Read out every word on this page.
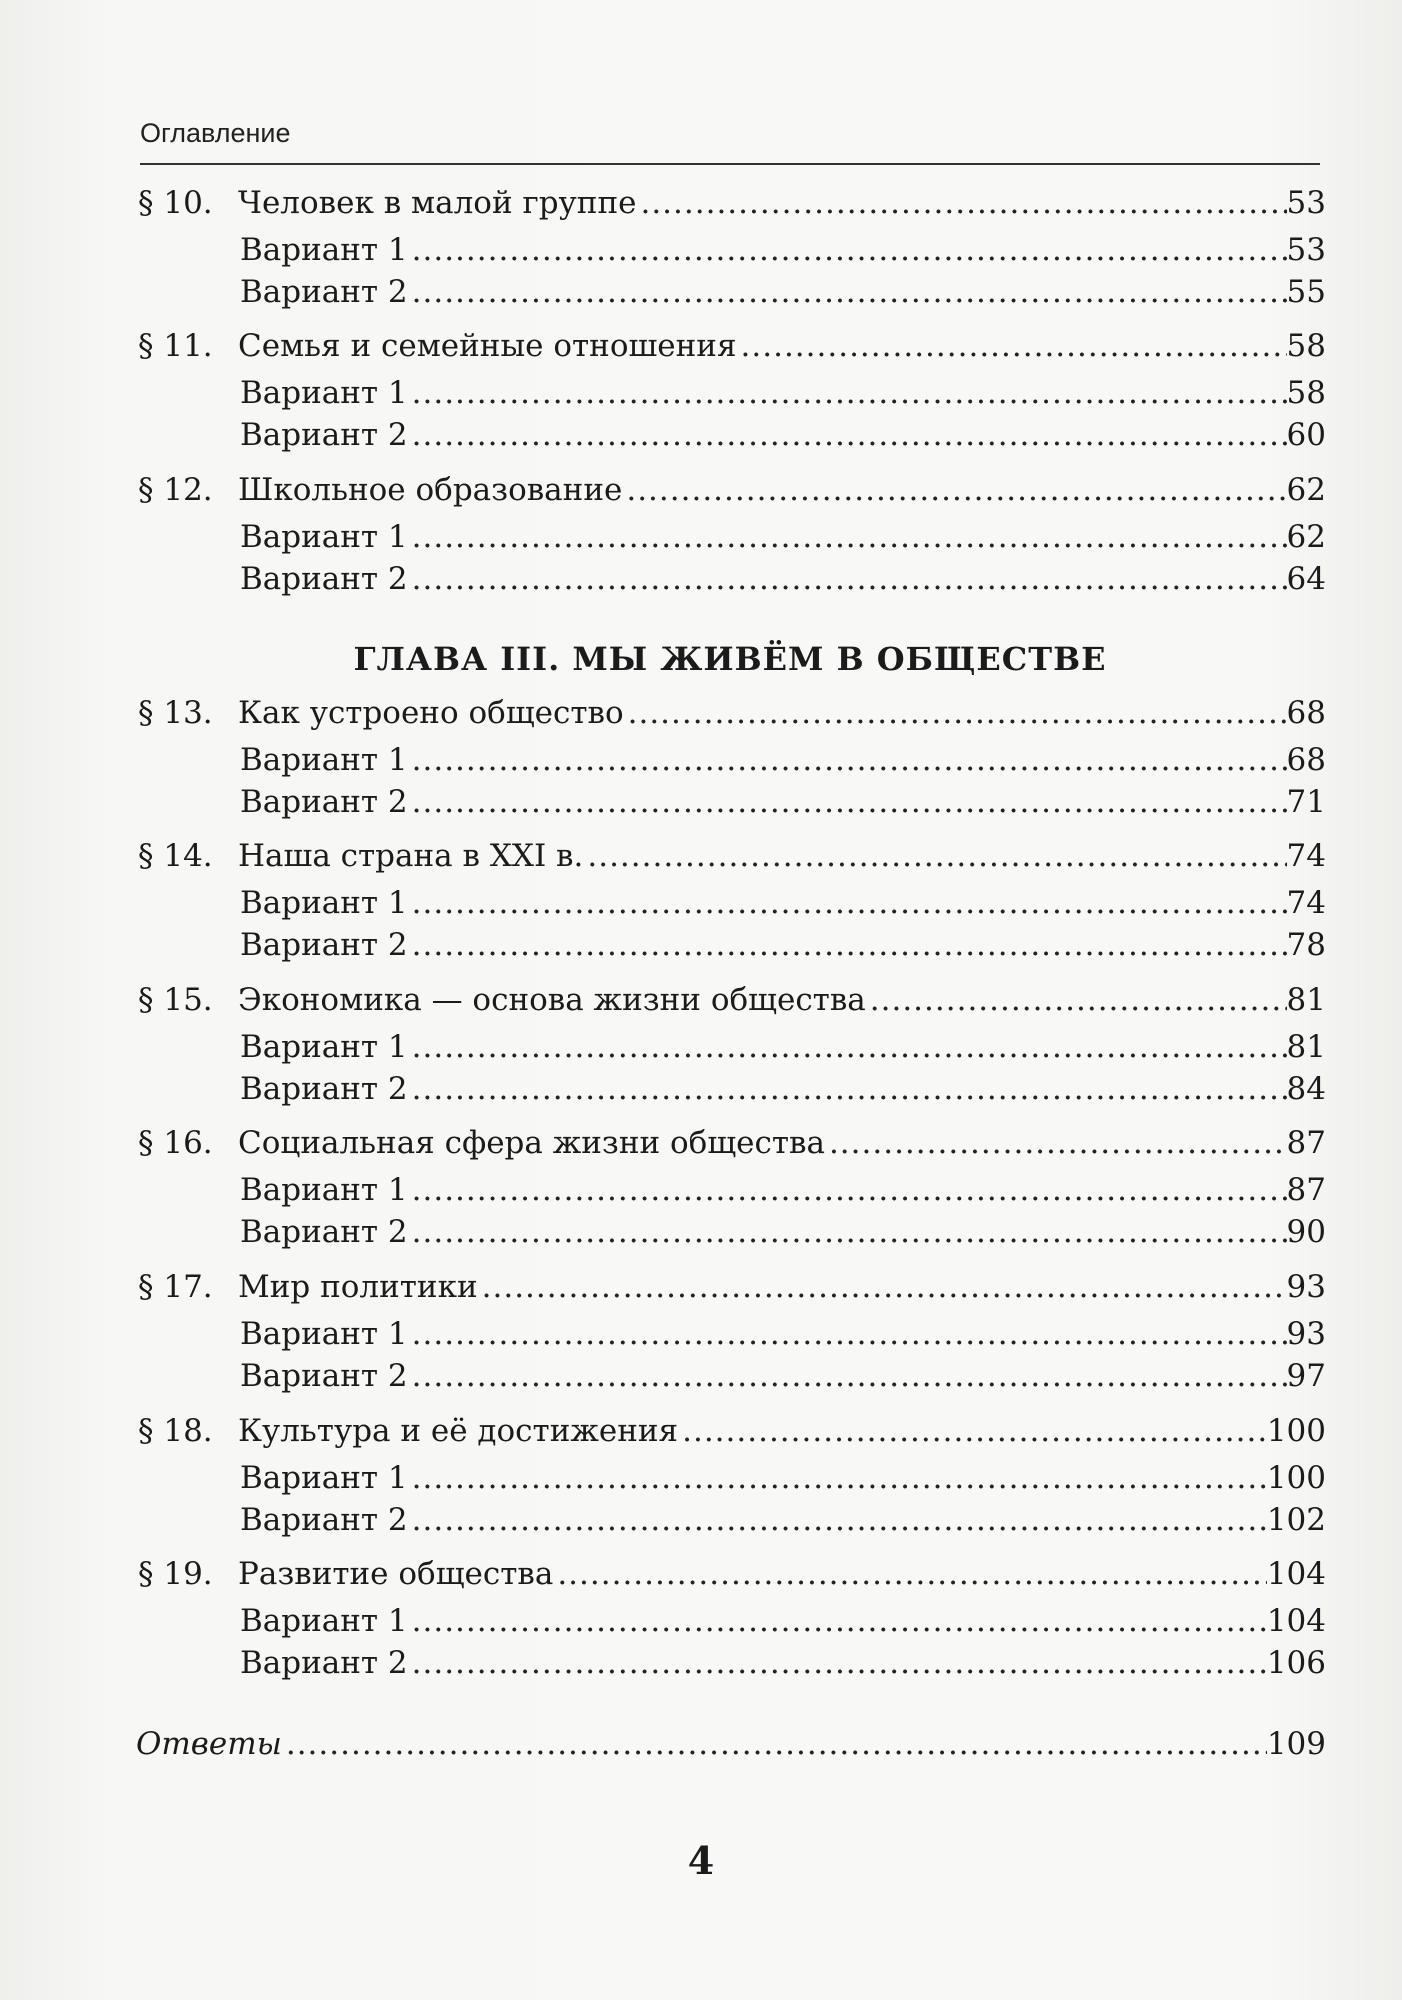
Оглавление
§ 10. Человек в малой группе .....	53
Вариант 1 .....	53
Вариант 2 .....	55
§ 11. Семья и семейные отношения .....	58
Вариант 1 .....	58
Вариант 2 .....	60
§ 12. Школьное образование .....	62
Вариант 1 .....	62
Вариант 2 .....	64
§ 13. Как устроено общество .....	68
Вариант 1 .....	68
Вариант 2 .....	71
§ 14. Наша страна в XXI в. .....	74
Вариант 1 .....	74
Вариант 2 .....	78
§ 15. Экономика — основа жизни общества .....	81
Вариант 1 .....	81
Вариант 2 .....	84
§ 16. Социальная сфера жизни общества .....	87
Вариант 1 .....	87
Вариант 2 .....	90
§ 17. Мир политики .....	93
Вариант 1 .....	93
Вариант 2 .....	97
§ 18. Культура и её достижения .....	100
Вариант 1 .....	100
Вариант 2 .....	102
§ 19. Развитие общества .....	104
Вариант 1 .....	104
Вариант 2 .....	106
ГЛАВА III. МЫ ЖИВЁМ В ОБЩЕСТВЕ
Ответы .....	109
4
